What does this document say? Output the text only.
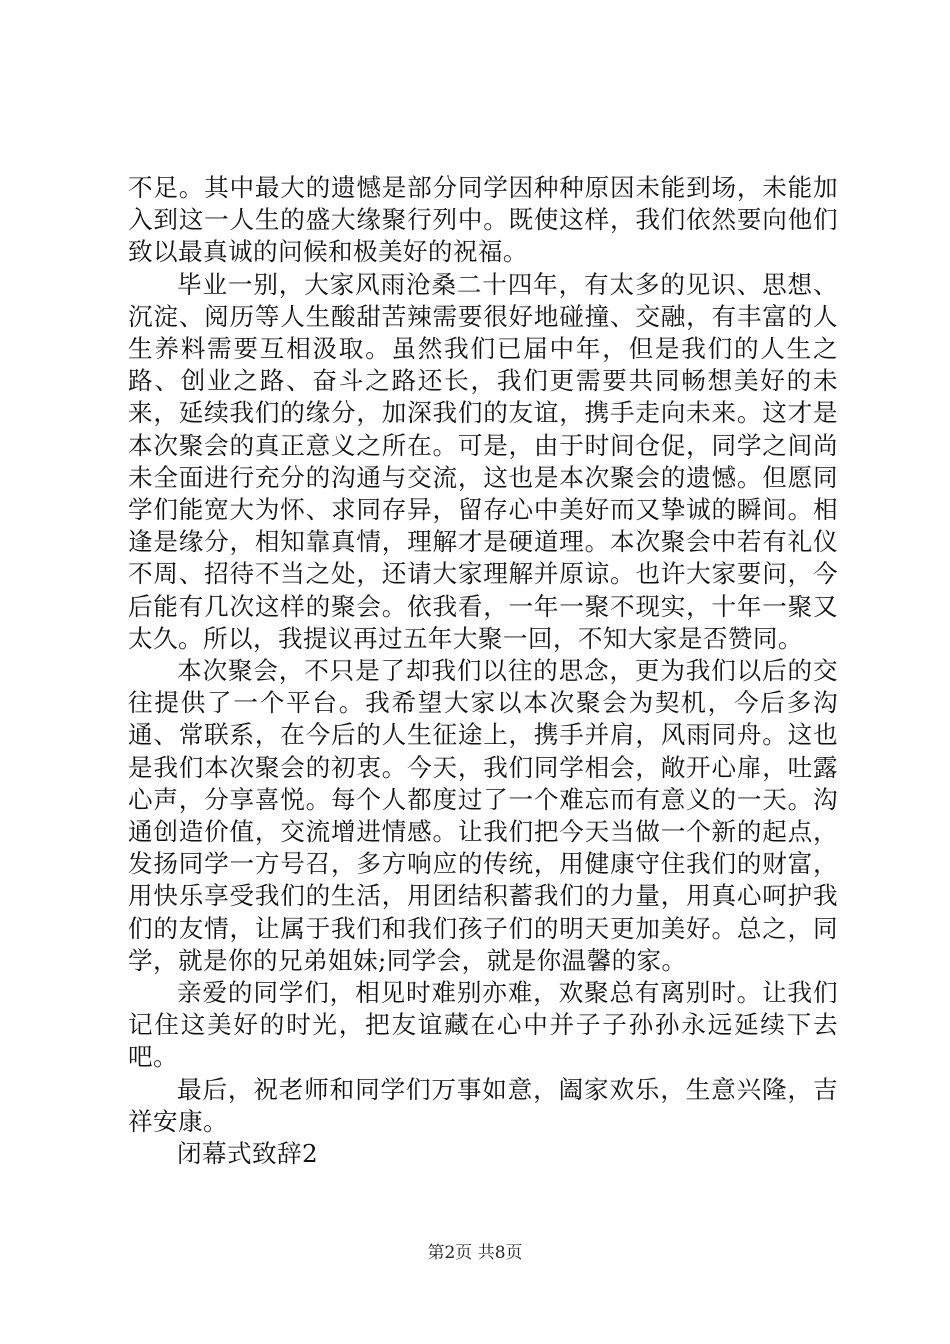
不足。其中最大的遗憾是部分同学因种种原因未能到场，未能加入到这一人生的盛大缘聚行列中。既使这样，我们依然要向他们致以最真诚的问候和极美好的祝福。

毕业一别，大家风雨沧桑二十四年，有太多的见识、思想、沉淀、阅历等人生酸甜苦辣需要很好地碰撞、交融，有丰富的人生养料需要互相汲取。虽然我们已届中年，但是我们的人生之路、创业之路、奋斗之路还长，我们更需要共同畅想美好的未来，延续我们的缘分，加深我们的友谊，携手走向未来。这才是本次聚会的真正意义之所在。可是，由于时间仓促，同学之间尚未全面进行充分的沟通与交流，这也是本次聚会的遗憾。但愿同学们能宽大为怀、求同存异，留存心中美好而又挚诚的瞬间。相逢是缘分，相知靠真情，理解才是硬道理。本次聚会中若有礼仪不周、招待不当之处，还请大家理解并原谅。也许大家要问，今后能有几次这样的聚会。依我看，一年一聚不现实，十年一聚又太久。所以，我提议再过五年大聚一回，不知大家是否赞同。

本次聚会，不只是了却我们以往的思念，更为我们以后的交往提供了一个平台。我希望大家以本次聚会为契机，今后多沟通、常联系，在今后的人生征途上，携手并肩，风雨同舟。这也是我们本次聚会的初衷。今天，我们同学相会，敞开心扉，吐露心声，分享喜悦。每个人都度过了一个难忘而有意义的一天。沟通创造价值，交流增进情感。让我们把今天当做一个新的起点，发扬同学一方号召，多方响应的传统，用健康守住我们的财富，用快乐享受我们的生活，用团结积蓄我们的力量，用真心呵护我们的友情，让属于我们和我们孩子们的明天更加美好。总之，同学，就是你的兄弟姐妹;同学会，就是你温馨的家。

亲爱的同学们，相见时难别亦难，欢聚总有离别时。让我们记住这美好的时光，把友谊藏在心中并子子孙孙永远延续下去吧。

最后，祝老师和同学们万事如意，阖家欢乐，生意兴隆，吉祥安康。

闭幕式致辞2

第2页 共8页
